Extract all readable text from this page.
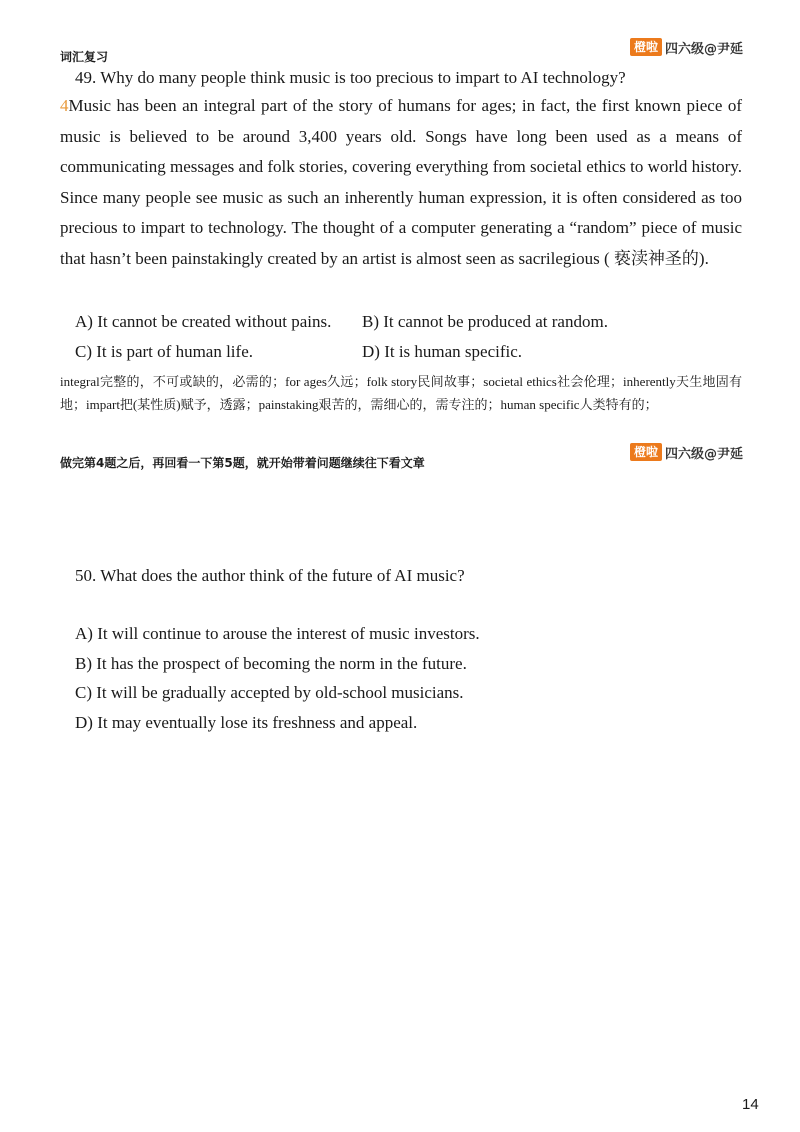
词汇复习
橙啦 四六级@尹延
49. Why do many people think music is too precious to impart to AI technology?

4Music has been an integral part of the story of humans for ages; in fact, the first known piece of music is believed to be around 3,400 years old. Songs have long been used as a means of communicating messages and folk stories, covering everything from societal ethics to world history. Since many people see music as such an inherently human expression, it is often considered as too precious to impart to technology. The thought of a computer generating a “random” piece of music that hasn’t been painstakingly created by an artist is almost seen as sacrilegious ( 亵渎神圣的).

A) It cannot be created without pains. B) It cannot be produced at random.
C) It is part of human life.	D) It is human specific.

integral完整的，不可或缺的，必需的；for ages久远；folk story民间故事；societal ethics社会伦理；inherently天生地固有地；impart把(某性质)赋予，透露；painstaking艰苦的，需细心的，需专注的；human specific人类特有的；

做完第4题之后，再回看一下第5题，就开始带着问题继续往下看文章
橙啦 四六级@尹延
50. What does the author think of the future of AI music?
A) It will continue to arouse the interest of music investors.
B) It has the prospect of becoming the norm in the future.
C) It will be gradually accepted by old-school musicians.
D) It may eventually lose its freshness and appeal.
14
